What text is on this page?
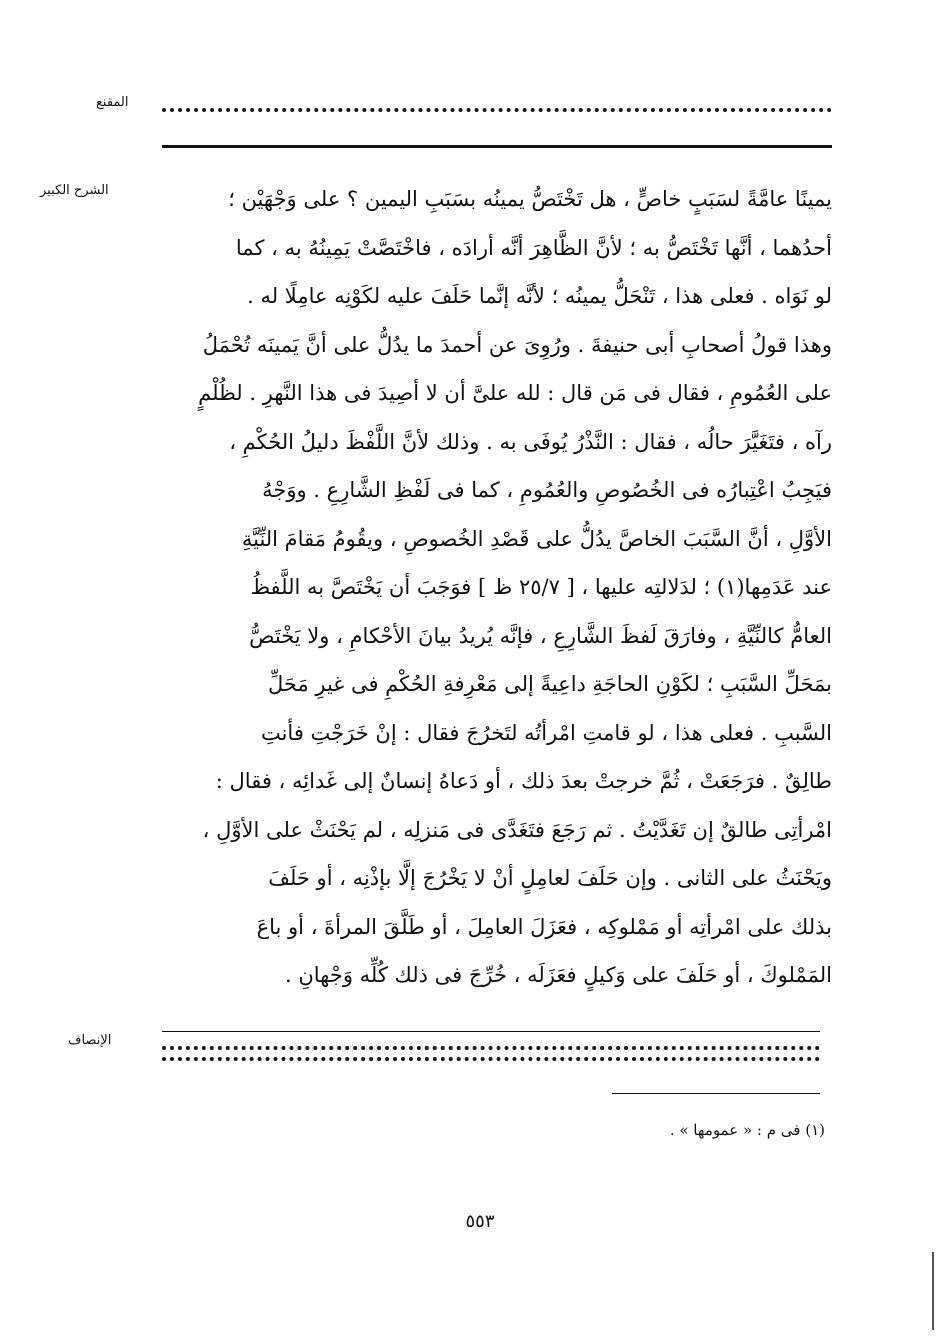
المقنع
الشرح الكبير	يمينًا عامَّةً لسَبَبٍ خاصٍّ ، هل تَخْتَصُّ يمينُه بسَبَبِ اليمين ؟ على وَجْهَيْن ؛
أحدُهما ، أنَّها تَخْتَصُّ به ؛ لأنَّ الظَّاهِرَ أنَّه أرادَه ، فاخْتَصَّتْ يَمِينُهُ به ، كما
لو نَوَاه . فعلى هذا ، تَنْحَلُّ يمينُه ؛ لأنَّه إنَّما حَلَفَ عليه لكَوْنِه عامِلًا له .
وهذا قولُ أصحابِ أبى حنيفةَ . ورُوِىَ عن أحمدَ ما يدُلُّ على أنَّ يَمينَه تُحْمَلُ
على العُمُومِ ، فقال فى مَن قال : لله علىَّ أن لا أصِيدَ فى هذا النَّهرِ . لظُلْمٍ
رآه ، فتَغَيَّرَ حالُه ، فقال : النَّذْرُ يُوفَى به . وذلك لأنَّ اللَّفْظَ دليلُ الحُكْمِ ،
فيَجِبُ اعْتِبارُه فى الخُصُوصِ والعُمُومِ ، كما فى لَفْظِ الشَّارِعِ . ووَجْهُ
الأوَّلِ ، أنَّ السَّبَبَ الخاصَّ يدُلُّ على قَصْدِ الخُصوصِ ، ويقُومُ مَقامَ النِّيَّةِ
عند عَدَمِها(١) ؛ لدَلالتِه عليها ، [ ٢٥/٧ ظ ] فوَجَبَ أن يَخْتَصَّ به اللَّفظُ
العامُّ كالنِّيَّةِ ، وفارَقَ لَفظَ الشَّارِعِ ، فإنَّه يُريدُ بيانَ الأحْكامِ ، ولا يَخْتَصُّ
بمَحَلِّ السَّبَبِ ؛ لكَوْنِ الحاجَةِ داعِيةً إلى مَعْرِفةِ الحُكْمِ فى غيرِ مَحَلِّ
السَّببِ . فعلى هذا ، لو قامتِ امْرأتُه لتَخرُجَ فقال : إنْ خَرَجْتِ فأنتِ
طالِقٌ . فرَجَعَتْ ، ثُمَّ خرجتْ بعدَ ذلك ، أو دَعاهُ إنسانٌ إلى غَدائِه ، فقال :
امْرأتِى طالقٌ إن تَغَدَّيْتُ . ثم رَجَعَ فتَغَدَّى فى مَنزلِه ، لم يَحْنَثْ على الأوَّلِ ،
ويَحْنَثُ على الثانى . وإن حَلَفَ لعامِلٍ أنْ لا يَخْرُجَ إلَّا بإذْنِه ، أو حَلَفَ
بذلك على امْرأتِه أو مَمْلوكِه ، فعَزَلَ العامِلَ ، أو طَلَّقَ المرأةَ ، أو باعَ
المَمْلوكَ ، أو حَلَفَ على وَكيلٍ فعَزَلَه ، خُرِّجَ فى ذلك كُلِّه وَجْهانِ .
الإنصاف
(١) فى م : « عمومها » .
٥٥٣
